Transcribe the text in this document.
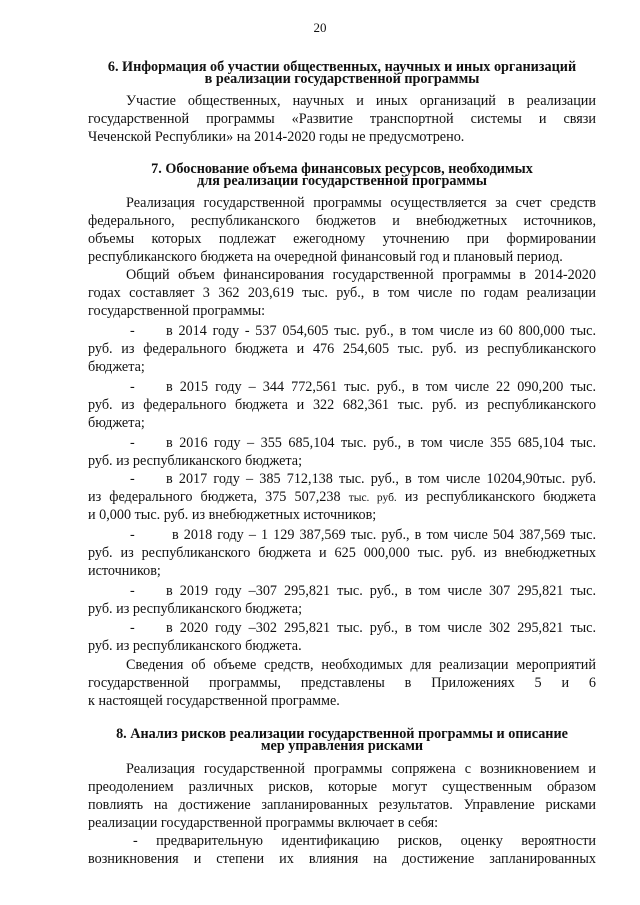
20
6. Информация об участии общественных, научных и иных организаций
в реализации государственной программы
Участие общественных, научных и иных организаций в реализации
государственной программы «Развитие транспортной системы и связи
Чеченской Республики» на 2014-2020 годы не предусмотрено.
7. Обоснование объема финансовых ресурсов, необходимых
для реализации государственной программы
Реализация государственной программы осуществляется за счет средств
федерального, республиканского бюджетов и внебюджетных источников,
объемы которых подлежат ежегодному уточнению при формировании
республиканского бюджета на очередной финансовый год и плановый период.
Общий объем финансирования государственной программы в 2014-2020
годах составляет 3 362 203,619 тыс. руб., в том числе по годам реализации
государственной программы:
- в 2014 году - 537 054,605 тыс. руб., в том числе из 60 800,000 тыс.
руб. из федерального бюджета и 476 254,605 тыс. руб. из республиканского
бюджета;
- в 2015 году – 344 772,561 тыс. руб., в том числе 22 090,200 тыс.
руб. из федерального бюджета и 322 682,361 тыс. руб. из республиканского
бюджета;
- в 2016 году – 355 685,104 тыс. руб., в том числе 355 685,104 тыс.
руб. из республиканского бюджета;
- в 2017 году – 385 712,138 тыс. руб., в том числе 10204,90тыс. руб.
из федерального бюджета, 375 507,238 тыс. руб. из республиканского бюджета
и 0,000 тыс. руб. из внебюджетных источников;
-	в 2018 году – 1 129 387,569 тыс. руб., в том числе 504 387,569 тыс.
руб. из республиканского бюджета и 625 000,000 тыс. руб. из внебюджетных
источников;
- в 2019 году –307 295,821 тыс. руб., в том числе 307 295,821 тыс.
руб. из республиканского бюджета;
- в 2020 году –302 295,821 тыс. руб., в том числе 302 295,821 тыс.
руб. из республиканского бюджета.
Сведения об объеме средств, необходимых для реализации мероприятий
государственной программы, представлены в Приложениях 5 и 6
к настоящей государственной программе.
8. Анализ рисков реализации государственной программы и описание
мер управления рисками
Реализация государственной программы сопряжена с возникновением и
преодолением различных рисков, которые могут существенным образом
повлиять на достижение запланированных результатов. Управление рисками
реализации государственной программы включает в себя:
- предварительную идентификацию рисков, оценку вероятности
возникновения и степени их влияния на достижение запланированных
